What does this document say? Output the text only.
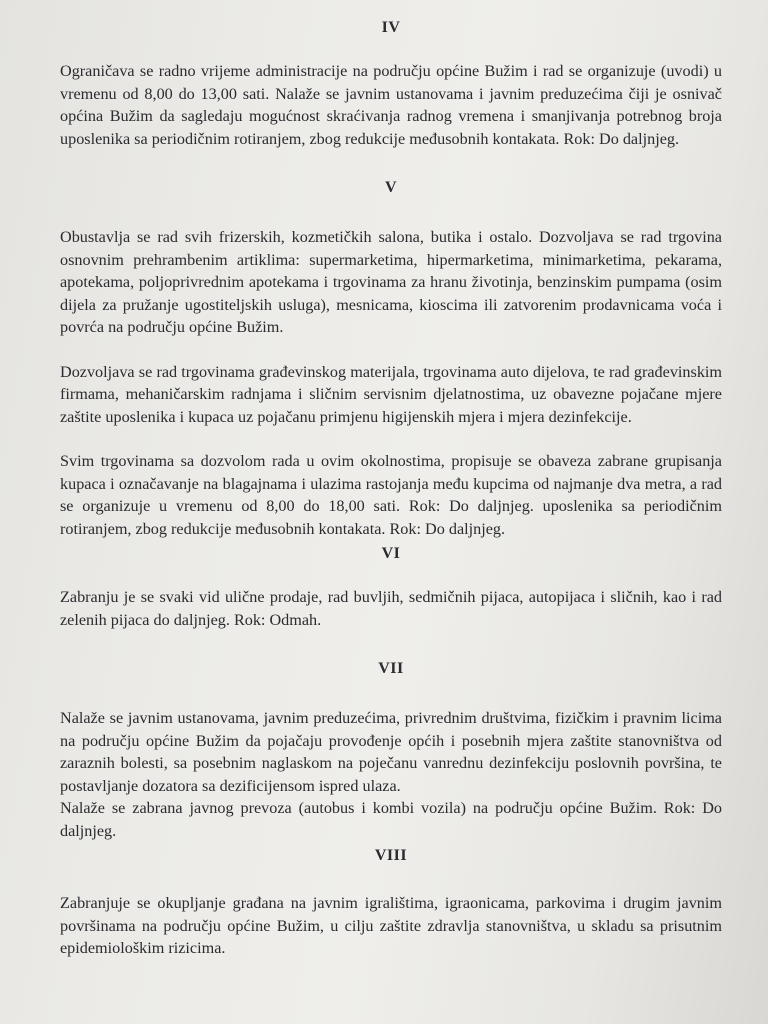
IV

Ograničava se radno vrijeme administracije na području općine Bužim i rad se organizuje (uvodi) u vremenu od 8,00 do 13,00 sati. Nalaže se javnim ustanovama i javnim preduzećima čiji je osnivač općina Bužim da sagledaju mogućnost skraćivanja radnog vremena i smanjivanja potrebnog broja uposlenika sa periodičnim rotiranjem, zbog redukcije međusobnih kontakata. Rok: Do daljnjeg.

V

Obustavlja se rad svih frizerskih, kozmetičkih salona, butika i ostalo. Dozvoljava se rad trgovina osnovnim prehrambenim artiklima: supermarketima, hipermarketima, minimarketima, pekarama, apotekama, poljoprivrednim apotekama i trgovinama za hranu životinja, benzinskim pumpama (osim dijela za pružanje ugostiteljskih usluga), mesnicama, kioscima ili zatvorenim prodavnicama voća i povrća na području općine Bužim.

Dozvoljava se rad trgovinama građevinskog materijala, trgovinama auto dijelova, te rad građevinskim firmama, mehaničarskim radnjama i sličnim servisnim djelatnostima, uz obavezne pojačane mjere zaštite uposlenika i kupaca uz pojačanu primjenu higijenskih mjera i mjera dezinfekcije.

Svim trgovinama sa dozvolom rada u ovim okolnostima, propisuje se obaveza zabrane grupisanja kupaca i označavanje na blagajnama i ulazima rastojanja među kupcima od najmanje dva metra, a rad se organizuje u vremenu od 8,00 do 18,00 sati. Rok: Do daljnjeg. uposlenika sa periodičnim rotiranjem, zbog redukcije međusobnih kontakata. Rok: Do daljnjeg.

VI

Zabranju je se svaki vid ulične prodaje, rad buvljih, sedmičnih pijaca, autopijaca i sličnih, kao i rad zelenih pijaca do daljnjeg. Rok: Odmah.

VII

Nalaže se javnim ustanovama, javnim preduzećima, privrednim društvima, fizičkim i pravnim licima na području općine Bužim da pojačaju provođenje općih i posebnih mjera zaštite stanovništva od zaraznih bolesti, sa posebnim naglaskom na poječanu vanrednu dezinfekciju poslovnih površina, te postavljanje dozatora sa dezificijensom ispred ulaza.

Nalaže se zabrana javnog prevoza (autobus i kombi vozila) na području općine Bužim. Rok: Do daljnjeg.

VIII

Zabranjuje se okupljanje građana na javnim igralištima, igraonicama, parkovima i drugim javnim površinama na području općine Bužim, u cilju zaštite zdravlja stanovništva, u skladu sa prisutnim epidemiološkim rizicima.
